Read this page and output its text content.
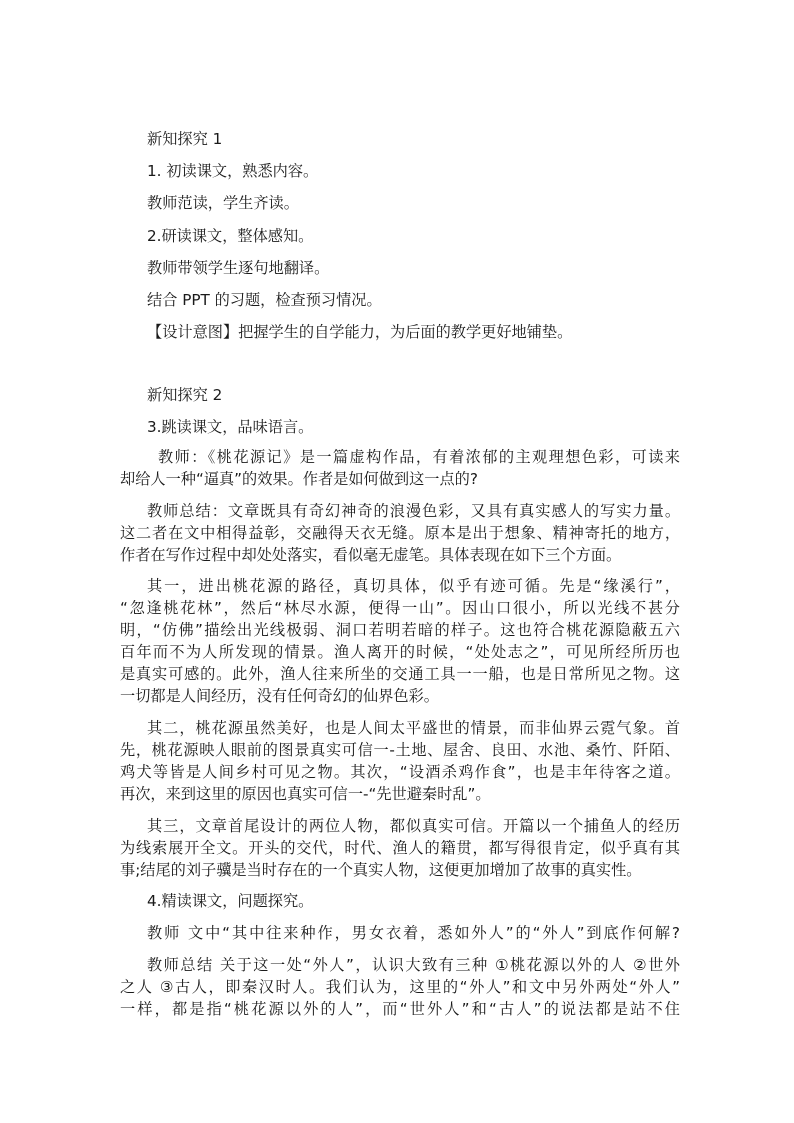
新知探究 1
1. 初读课文，熟悉内容。
教师范读，学生齐读。
2.研读课文，整体感知。
教师带领学生逐句地翻译。
结合 PPT 的习题，检查预习情况。
【设计意图】把握学生的自学能力，为后面的教学更好地铺垫。
新知探究 2
3.跳读课文，品味语言。
教师：《桃花源记》是一篇虚构作品，有着浓郁的主观理想色彩，可读来
却给人一种“逼真”的效果。作者是如何做到这一点的?
教师总结：文章既具有奇幻神奇的浪漫色彩，又具有真实感人的写实力量。
这二者在文中相得益彰，交融得天衣无缝。原本是出于想象、精神寄托的地方，
作者在写作过程中却处处落实，看似毫无虚笔。具体表现在如下三个方面。
其一，进出桃花源的路径，真切具体，似乎有迹可循。先是“缘溪行”，
“忽逢桃花林”，然后“林尽水源，便得一山”。因山口很小，所以光线不甚分
明，“仿佛”描绘出光线极弱、洞口若明若暗的样子。这也符合桃花源隐蔽五六
百年而不为人所发现的情景。渔人离开的时候，“处处志之”，可见所经所历也
是真实可感的。此外，渔人往来所坐的交通工具一一船，也是日常所见之物。这
一切都是人间经历，没有任何奇幻的仙界色彩。
其二，桃花源虽然美好，也是人间太平盛世的情景，而非仙界云霓气象。首
先，桃花源映人眼前的图景真实可信一-土地、屋舍、良田、水池、桑竹、阡陌、
鸡犬等皆是人间乡村可见之物。其次，“设酒杀鸡作食”，也是丰年待客之道。
再次，来到这里的原因也真实可信一-“先世避秦时乱”。
其三，文章首尾设计的两位人物，都似真实可信。开篇以一个捕鱼人的经历
为线索展开全文。开头的交代，时代、渔人的籍贯，都写得很肯定，似乎真有其
事;结尾的刘子骥是当时存在的一个真实人物，这便更加增加了故事的真实性。
4.精读课文，问题探究。
教师 文中“其中往来种作，男女衣着，悉如外人”的“外人”到底作何解?
教师总结 关于这一处“外人”，认识大致有三种 ①桃花源以外的人 ②世外
之人 ③古人，即秦汉时人。我们认为，这里的“外人”和文中另外两处“外人”
一样，都是指“桃花源以外的人”，而“世外人”和“古人”的说法都是站不住
